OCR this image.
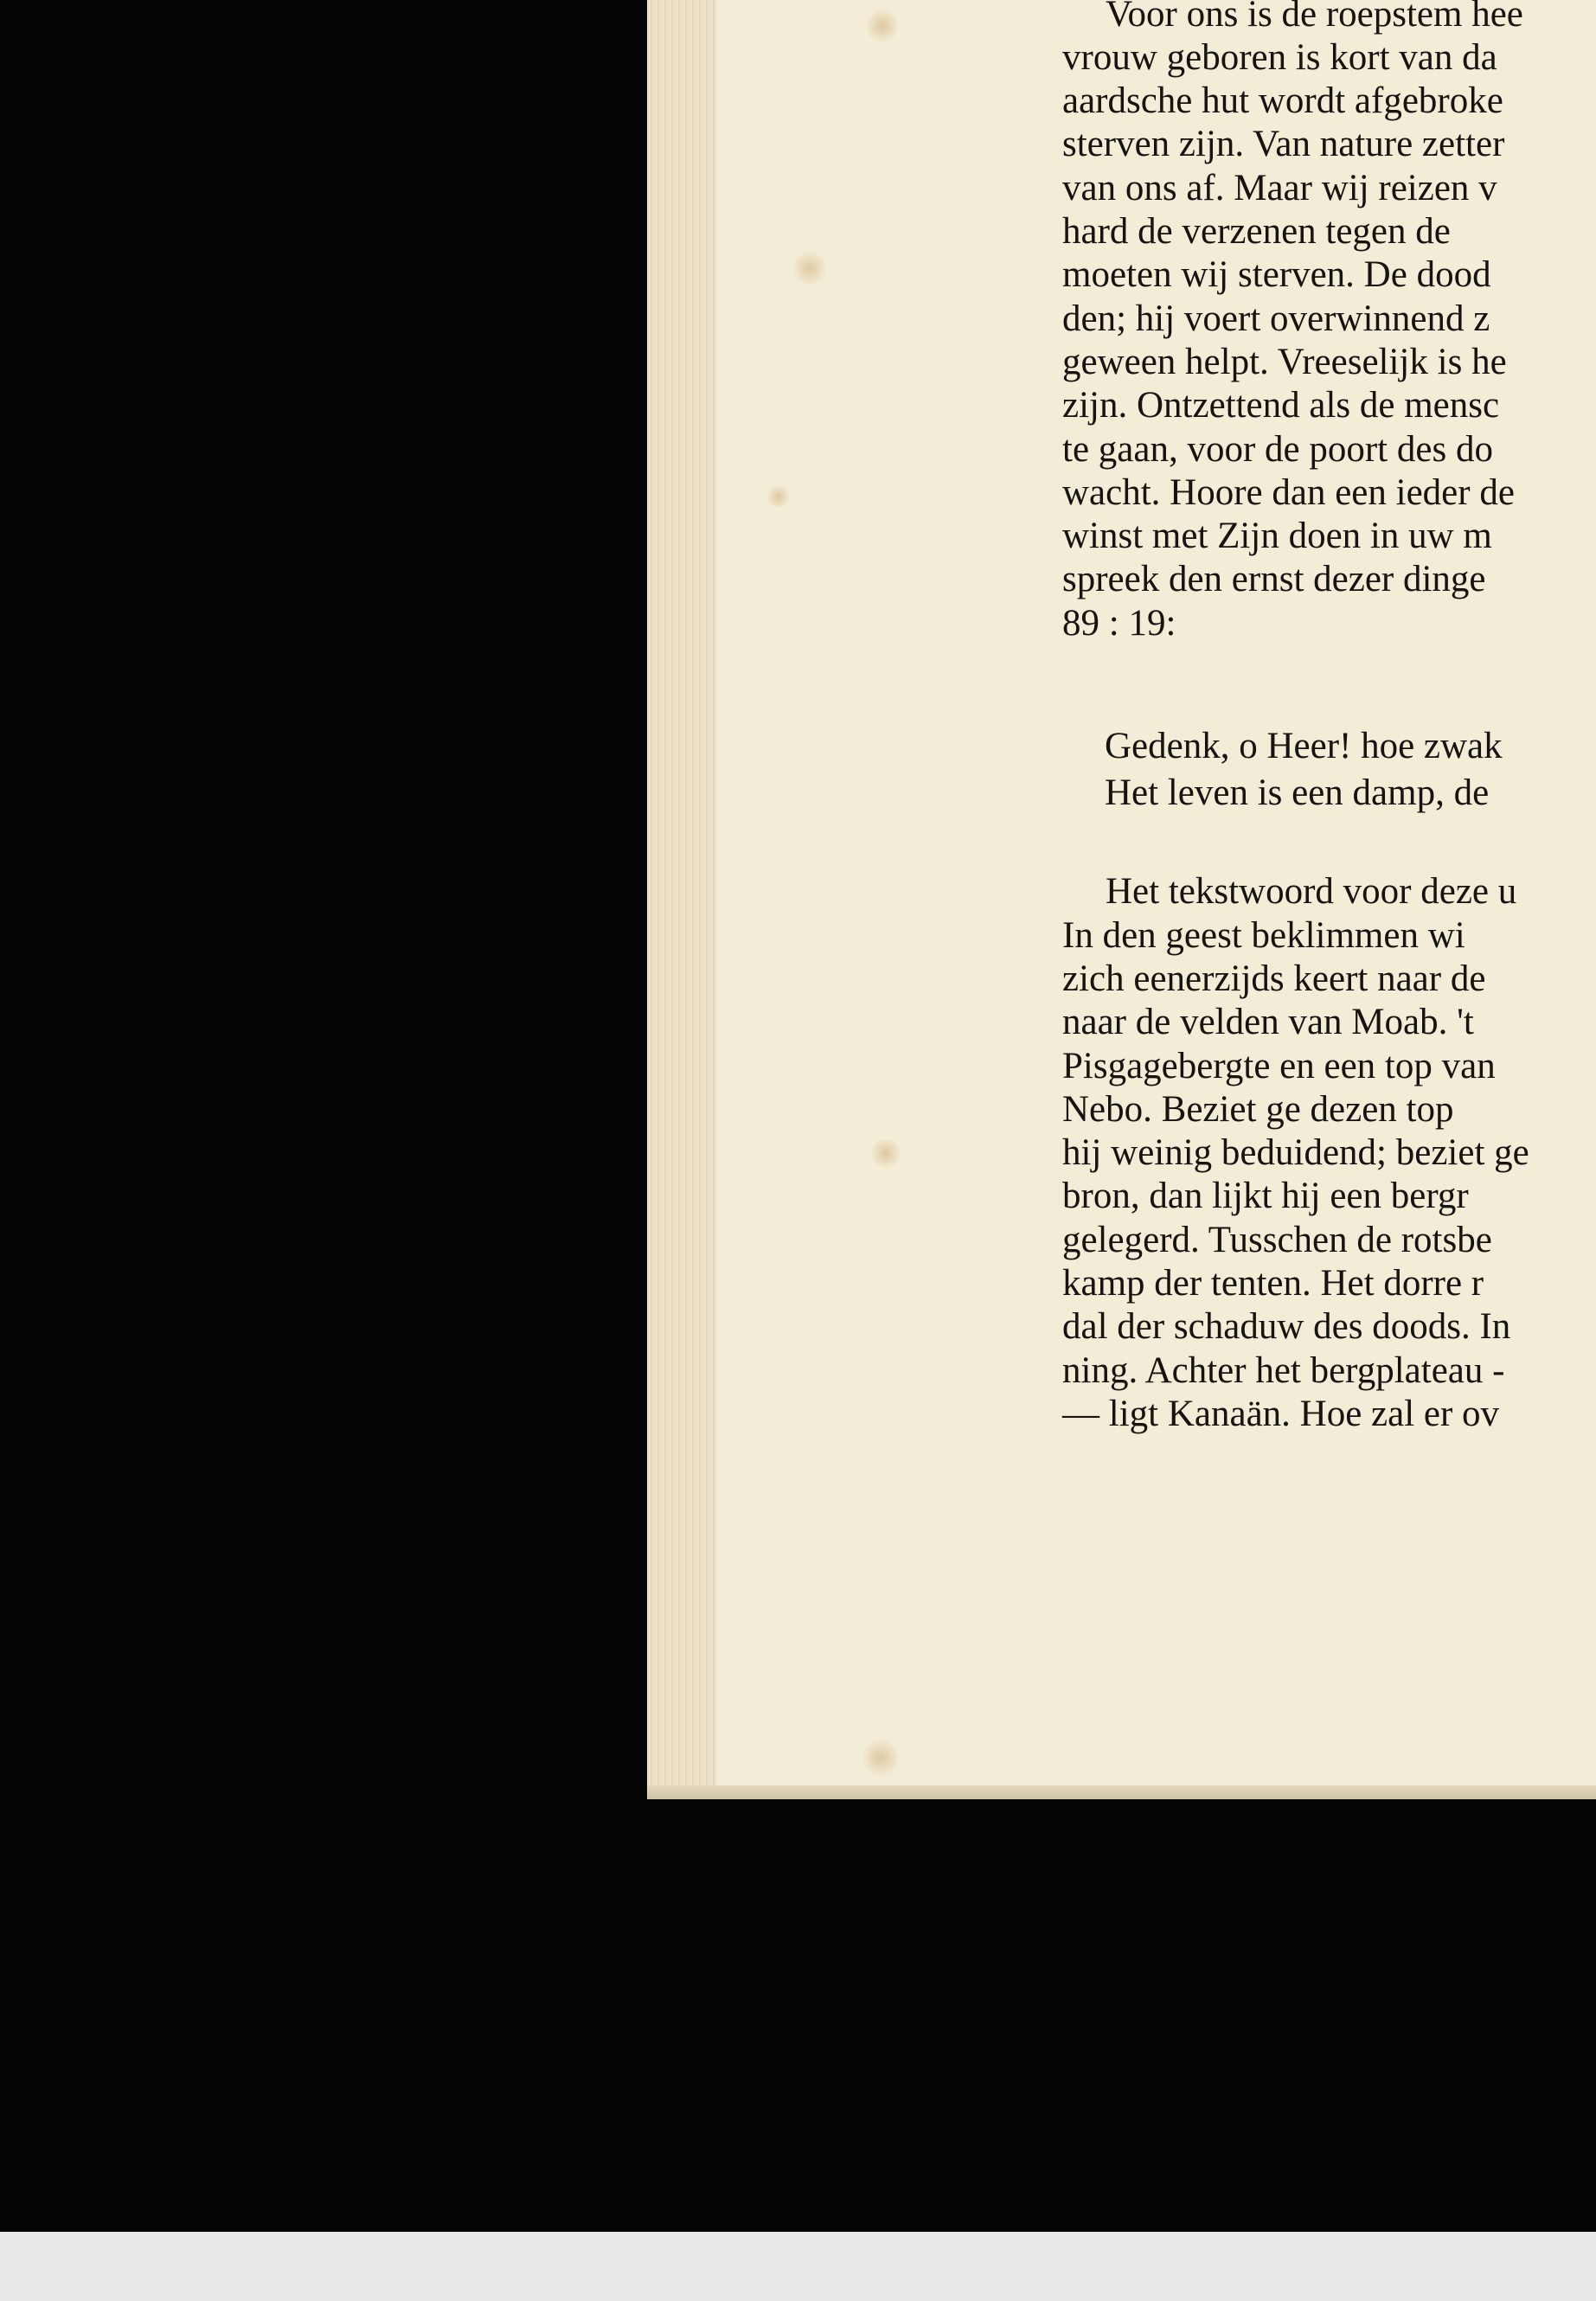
Voor ons is de roepstem hee
vrouw geboren is kort van da
aardsche hut wordt afgebroke
sterven zijn. Van nature zetter
van ons af. Maar wij reizen v
hard de verzenen tegen de
moeten wij sterven. De dood
den; hij voert overwinnend z
geween helpt. Vreeselijk is he
zijn. Ontzettend als de mensc
te gaan, voor de poort des do
wacht. Hoore dan een ieder de
winst met Zijn doen in uw m
spreek den ernst dezer dinge
89 : 19:
Gedenk, o Heer! hoe zwak
Het leven is een damp, de
Het tekstwoord voor deze u
In den geest beklimmen wi
zich eenerzijds keert naar de
naar de velden van Moab. 't
Pisgagebergte en een top van
Nebo. Beziet ge dezen top
hij weinig beduidend; beziet ge
bron, dan lijkt hij een bergr
gelegerd. Tusschen de rotsbe
kamp der tenten. Het dorre r
dal der schaduw des doods. In
ning. Achter het bergplateau -
— ligt Kanaän. Hoe zal er ov
